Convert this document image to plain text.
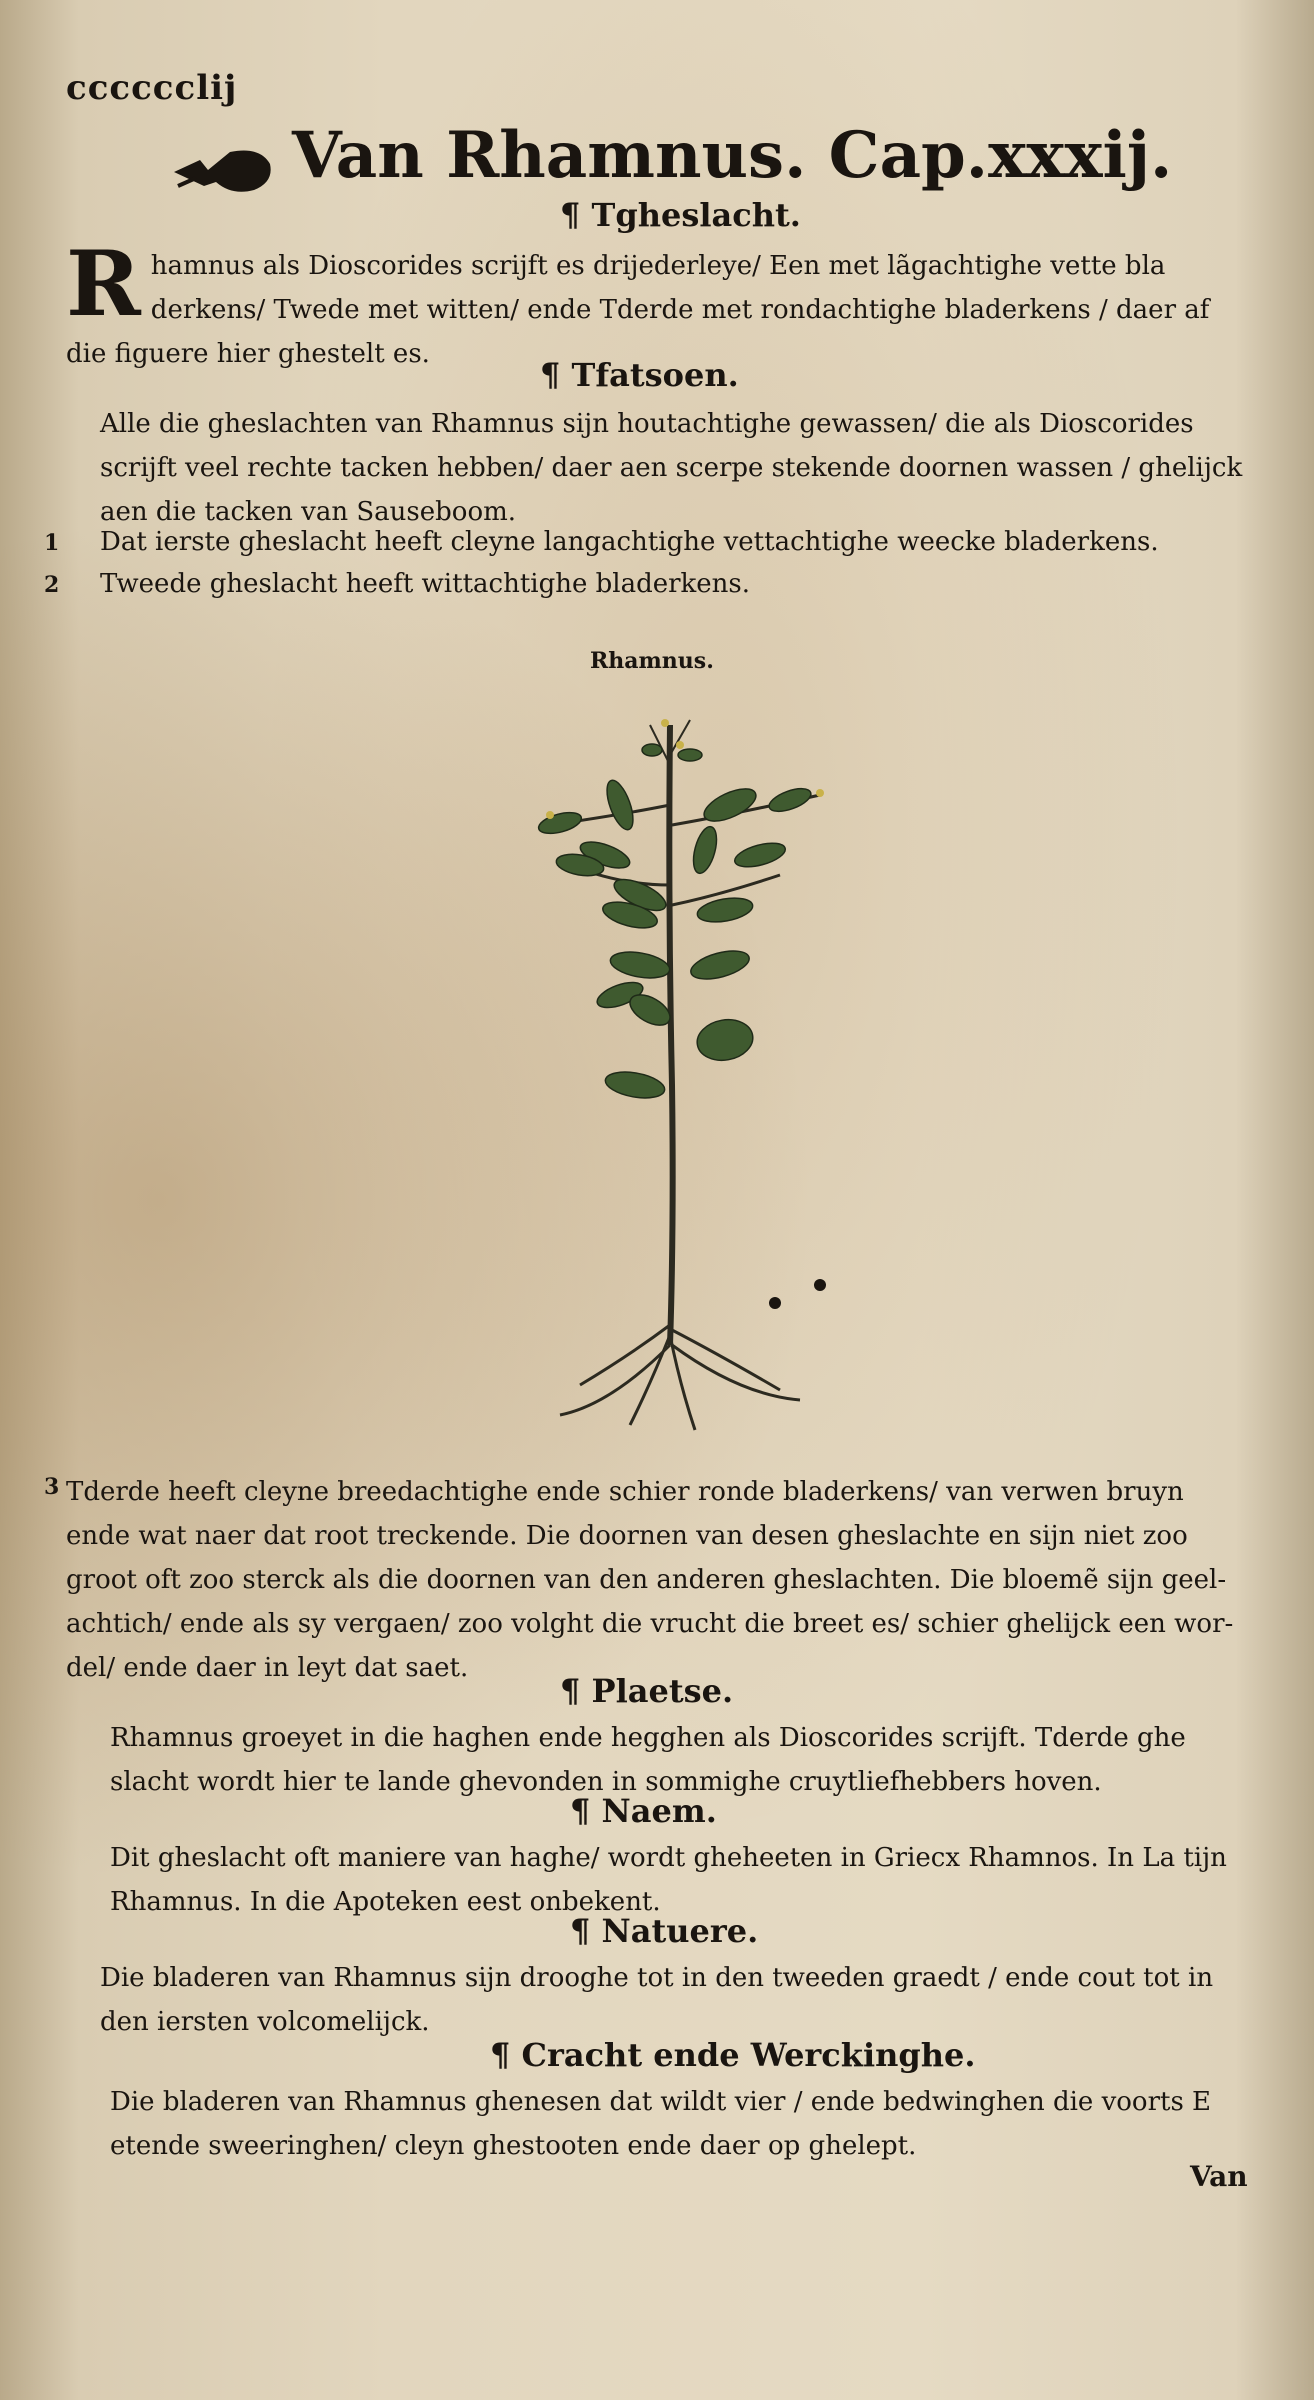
cccccclij
Van Rhamnus. Cap.xxxij.
¶ Tgheslacht.
R hamnus als Dioscorides scrijft es drijederleye/ Een met lãgachtighe vette bla derkens/ Twede met witten/ ende Tderde met rondachtighe bladerkens / daer af die figuere hier ghestelt es.
¶ Tfatsoen.
Alle die gheslachten van Rhamnus sijn houtachtighe gewassen/ die als Dioscorides scrijft veel rechte tacken hebben/ daer aen scerpe stekende doornen wassen / ghelijck aen die tacken van Sauseboom.
1 Dat ierste gheslacht heeft cleyne langachtighe vettachtighe weecke bladerkens.
2 Tweede gheslacht heeft wittachtighe bladerkens.
Rhamnus.
3 Tderde heeft cleyne breedachtighe ende schier ronde bladerkens/ van verwen bruyn ende wat naer dat root treckende. Die doornen van desen gheslachte en sijn niet zoo groot oft zoo sterck als die doornen van den anderen gheslachten. Die bloemẽ sijn geel-achtich/ ende als sy vergaen/ zoo volght die vrucht die breet es/ schier ghelijck een wor-del/ ende daer in leyt dat saet.
¶ Plaetse.
Rhamnus groeyet in die haghen ende hegghen als Dioscorides scrijft. Tderde ghe slacht wordt hier te lande ghevonden in sommighe cruytliefhebbers hoven.
¶ Naem.
Dit gheslacht oft maniere van haghe/ wordt gheheeten in Griecx Rhamnos. In La tijn Rhamnus. In die Apoteken eest onbekent.
¶ Natuere.
Die bladeren van Rhamnus sijn drooghe tot in den tweeden graedt / ende cout tot in den iersten volcomelijck.
¶ Cracht ende Werckinghe.
Die bladeren van Rhamnus ghenesen dat wildt vier / ende bedwinghen die voorts E etende sweeringhen/ cleyn ghestooten ende daer op ghelept.
Van
